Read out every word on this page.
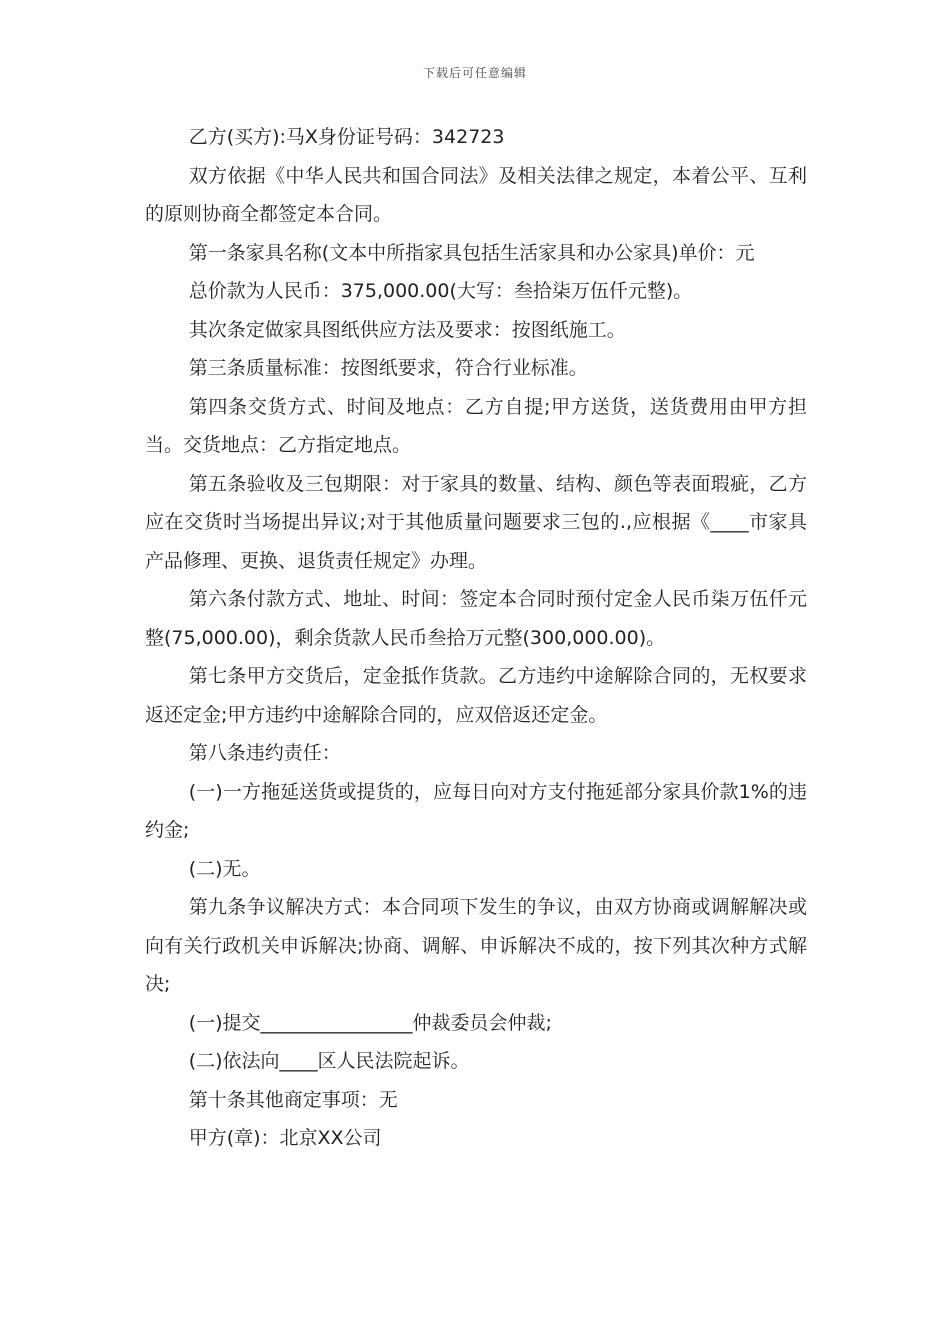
下载后可任意编辑

乙方(买方):马X身份证号码：342723

双方依据《中华人民共和国合同法》及相关法律之规定，本着公平、互利的原则协商全都签定本合同。

第一条家具名称(文本中所指家具包括生活家具和办公家具)单价：元

总价款为人民币：375,000.00(大写：叁拾柒万伍仟元整)。

其次条定做家具图纸供应方法及要求：按图纸施工。

第三条质量标准：按图纸要求，符合行业标准。

第四条交货方式、时间及地点：乙方自提;甲方送货，送货费用由甲方担当。交货地点：乙方指定地点。

第五条验收及三包期限：对于家具的数量、结构、颜色等表面瑕疵，乙方应在交货时当场提出异议;对于其他质量问题要求三包的.,应根据《____市家具产品修理、更换、退货责任规定》办理。

第六条付款方式、地址、时间：签定本合同时预付定金人民币柒万伍仟元整(75,000.00)，剩余货款人民币叁拾万元整(300,000.00)。

第七条甲方交货后，定金抵作货款。乙方违约中途解除合同的，无权要求返还定金;甲方违约中途解除合同的，应双倍返还定金。

第八条违约责任：

(一)一方拖延送货或提货的，应每日向对方支付拖延部分家具价款1%的违约金;

(二)无。

第九条争议解决方式：本合同项下发生的争议，由双方协商或调解解决或向有关行政机关申诉解决;协商、调解、申诉解决不成的，按下列其次种方式解决;

(一)提交________________仲裁委员会仲裁;

(二)依法向____区人民法院起诉。

第十条其他商定事项：无

甲方(章)：北京XX公司
